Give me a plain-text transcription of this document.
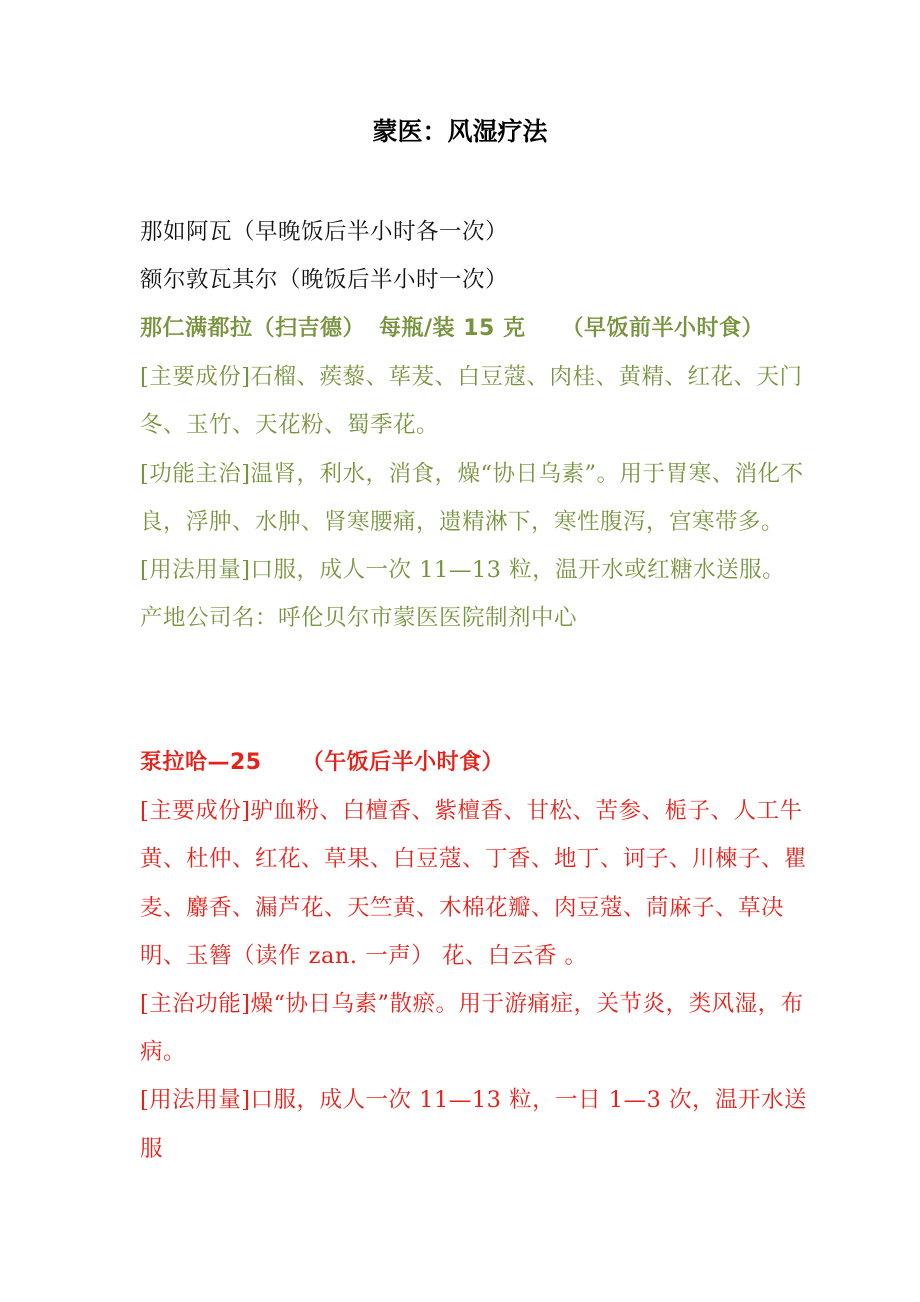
蒙医：风湿疗法
那如阿瓦（早晚饭后半小时各一次）
额尔敦瓦其尔（晚饭后半小时一次）
那仁满都拉（扫吉德） 每瓶/装 15 克 （早饭前半小时食）
[主要成份]石榴、蒺藜、荜茇、白豆蔻、肉桂、黄精、红花、天门冬、玉竹、天花粉、蜀季花。
[功能主治]温肾，利水，消食，燥“协日乌素”。用于胃寒、消化不良，浮肿、水肿、肾寒腰痛，遗精淋下，寒性腹泻，宫寒带多。
[用法用量]口服，成人一次 11—13 粒，温开水或红糖水送服。
产地公司名：呼伦贝尔市蒙医医院制剂中心
泵拉哈—25 （午饭后半小时食）
[主要成份]驴血粉、白檀香、紫檀香、甘松、苦参、栀子、人工牛黄、杜仲、红花、草果、白豆蔻、丁香、地丁、诃子、川楝子、瞿麦、麝香、漏芦花、天竺黄、木棉花瓣、肉豆蔻、茼麻子、草决明、玉簪（读作 zan. 一声） 花、白云香 。
[主治功能]燥“协日乌素”散瘀。用于游痛症，关节炎，类风湿，布病。
[用法用量]口服，成人一次 11—13 粒，一日 1—3 次，温开水送服
